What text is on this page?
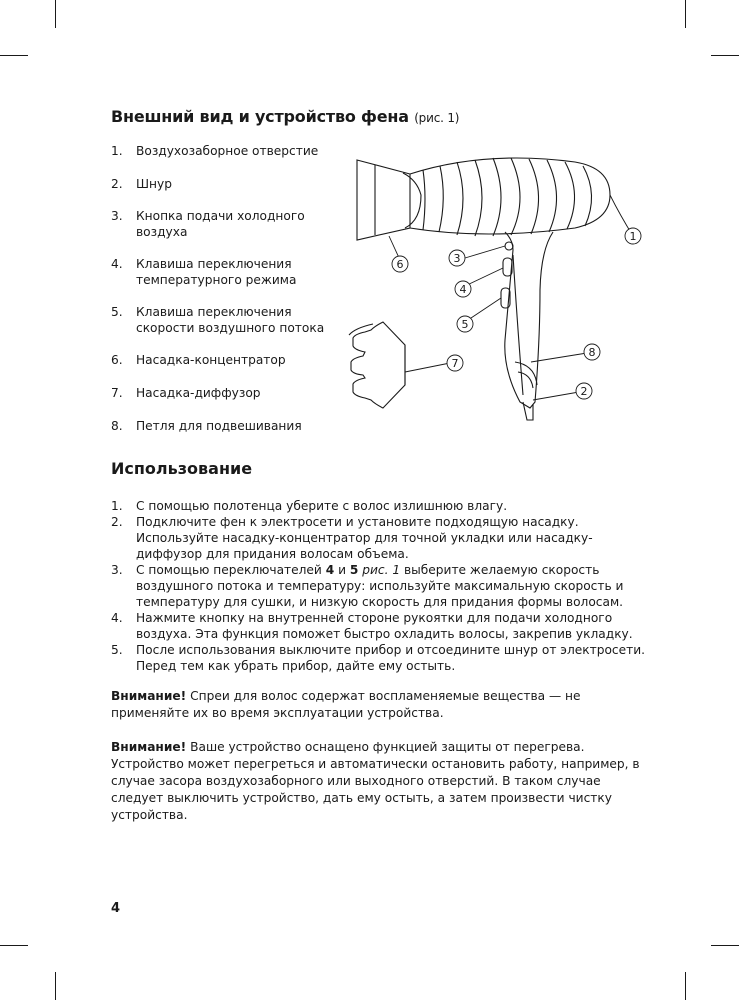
Внешний вид и устройство фена (рис. 1)
1. Воздухозаборное отверстие
2. Шнур
3. Кнопка подачи холодного воздуха
4. Клавиша переключения температурного режима
5. Клавиша переключения скорости воздушного потока
6. Насадка-концентратор
7. Насадка-диффузор
8. Петля для подвешивания
1
2
3
4
5
6
7
8
Использование
1. С помощью полотенца уберите с волос излишнюю влагу.
2. Подключите фен к электросети и установите подходящую насадку. Используйте насадку-концентратор для точной укладки или насадку-диффузор для придания волосам объема.
3. С помощью переключателей 4 и 5 рис. 1 выберите желаемую скорость воздушного потока и температуру: используйте максимальную скорость и температуру для сушки, и низкую скорость для придания формы волосам.
4. Нажмите кнопку на внутренней стороне рукоятки для подачи холодного воздуха. Эта функция поможет быстро охладить волосы, закрепив укладку.
5. После использования выключите прибор и отсоедините шнур от электросети. Перед тем как убрать прибор, дайте ему остыть.
Внимание! Спреи для волос содержат воспламеняемые вещества — не применяйте их во время эксплуатации устройства.
Внимание! Ваше устройство оснащено функцией защиты от перегрева. Устройство может перегреться и автоматически остановить работу, например, в случае засора воздухозаборного или выходного отверстий. В таком случае следует выключить устройство, дать ему остыть, а затем произвести чистку устройства.
4
